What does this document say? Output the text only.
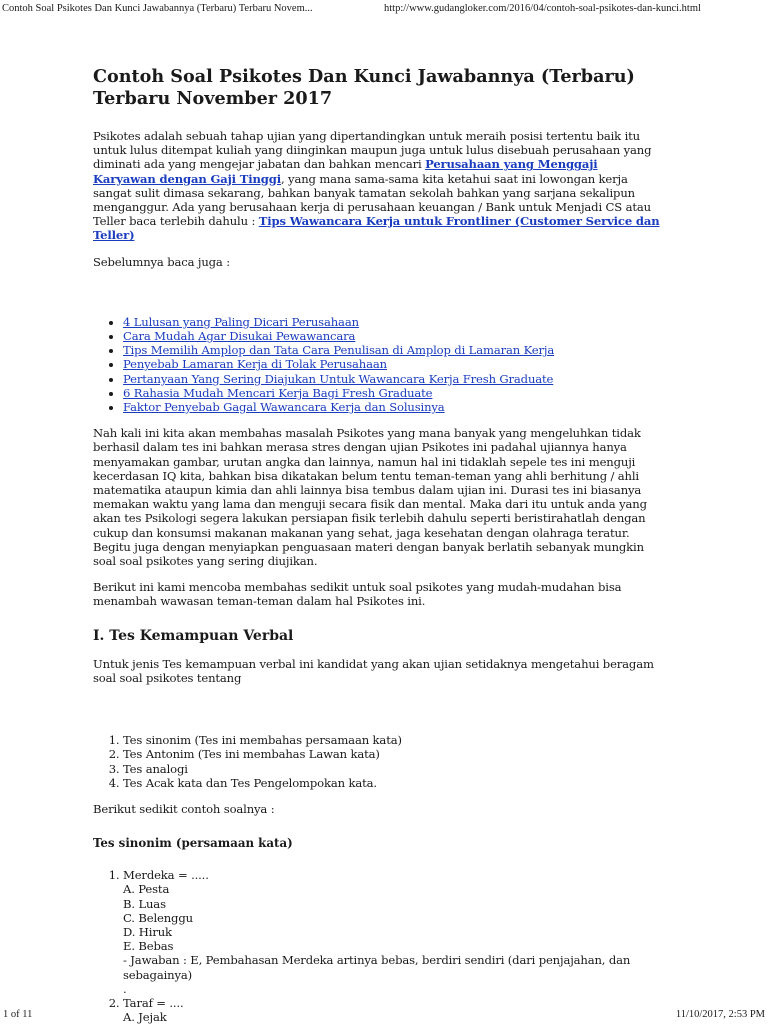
Contoh Soal Psikotes Dan Kunci Jawabannya (Terbaru) Terbaru Novem...	http://www.gudangloker.com/2016/04/contoh-soal-psikotes-dan-kunci.html
Contoh Soal Psikotes Dan Kunci Jawabannya (Terbaru) Terbaru November 2017

Psikotes adalah sebuah tahap ujian yang dipertandingkan untuk meraih posisi tertentu baik itu untuk lulus ditempat kuliah yang diinginkan maupun juga untuk lulus disebuah perusahaan yang diminati ada yang mengejar jabatan dan bahkan mencari Perusahaan yang Menggaji Karyawan dengan Gaji Tinggi, yang mana sama-sama kita ketahui saat ini lowongan kerja sangat sulit dimasa sekarang, bahkan banyak tamatan sekolah bahkan yang sarjana sekalipun menganggur. Ada yang berusahaan kerja di perusahaan keuangan / Bank untuk Menjadi CS atau Teller baca terlebih dahulu : Tips Wawancara Kerja untuk Frontliner (Customer Service dan Teller)

Sebelumnya baca juga :

• 4 Lulusan yang Paling Dicari Perusahaan
• Cara Mudah Agar Disukai Pewawancara
• Tips Memilih Amplop dan Tata Cara Penulisan di Amplop di Lamaran Kerja
• Penyebab Lamaran Kerja di Tolak Perusahaan
• Pertanyaan Yang Sering Diajukan Untuk Wawancara Kerja Fresh Graduate
• 6 Rahasia Mudah Mencari Kerja Bagi Fresh Graduate
• Faktor Penyebab Gagal Wawancara Kerja dan Solusinya

Nah kali ini kita akan membahas masalah Psikotes yang mana banyak yang mengeluhkan tidak berhasil dalam tes ini bahkan merasa stres dengan ujian Psikotes ini padahal ujiannya hanya menyamakan gambar, urutan angka dan lainnya, namun hal ini tidaklah sepele tes ini menguji kecerdasan IQ kita, bahkan bisa dikatakan belum tentu teman-teman yang ahli berhitung / ahli matematika ataupun kimia dan ahli lainnya bisa tembus dalam ujian ini. Durasi tes ini biasanya memakan waktu yang lama dan menguji secara fisik dan mental. Maka dari itu untuk anda yang akan tes Psikologi segera lakukan persiapan fisik terlebih dahulu seperti beristirahatlah dengan cukup dan konsumsi makanan makanan yang sehat, jaga kesehatan dengan olahraga teratur. Begitu juga dengan menyiapkan penguasaan materi dengan banyak berlatih sebanyak mungkin soal soal psikotes yang sering diujikan.

Berikut ini kami mencoba membahas sedikit untuk soal psikotes yang mudah-mudahan bisa menambah wawasan teman-teman dalam hal Psikotes ini.

I. Tes Kemampuan Verbal

Untuk jenis Tes kemampuan verbal ini kandidat yang akan ujian setidaknya mengetahui beragam soal soal psikotes tentang

1. Tes sinonim (Tes ini membahas persamaan kata)
2. Tes Antonim (Tes ini membahas Lawan kata)
3. Tes analogi
4. Tes Acak kata dan Tes Pengelompokan kata.

Berikut sedikit contoh soalnya :

Tes sinonim (persamaan kata)
1. Merdeka = .....
A. Pesta
B. Luas
C. Belenggu
D. Hiruk
E. Bebas
- Jawaban : E, Pembahasan Merdeka artinya bebas, berdiri sendiri (dari penjajahan, dan sebagainya)
.
2. Taraf = ....
A. Jejak
1 of 11	11/10/2017, 2:53 PM
